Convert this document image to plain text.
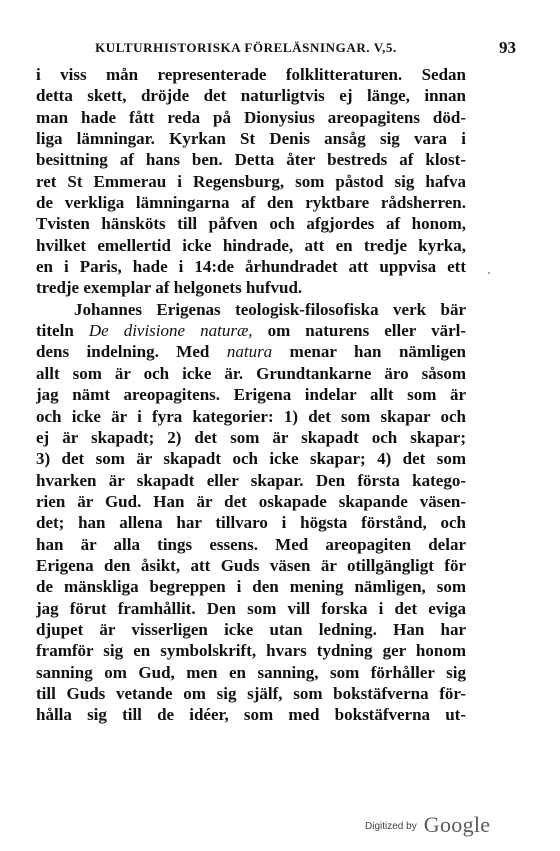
KULTURHISTORISKA FÖRELÄSNINGAR. V,5.	93
i viss mån representerade folklitteraturen. Sedan
detta skett, dröjde det naturligtvis ej länge, innan
man hade fått reda på Dionysius areopagitens död-
liga lämningar. Kyrkan St Denis ansåg sig vara i
besittning af hans ben. Detta åter bestreds af klost-
ret St Emmerau i Regensburg, som påstod sig hafva
de verkliga lämningarna af den ryktbare rådsherren.
Tvisten hänsköts till påfven och afgjordes af honom,
hvilket emellertid icke hindrade, att en tredje kyrka,
en i Paris, hade i 14:de århundradet att uppvisa ett
tredje exemplar af helgonets hufvud.
Johannes Erigenas teologisk-filosofiska verk bär
titeln De divisione naturæ, om naturens eller värl-
dens indelning. Med natura menar han nämligen
allt som är och icke är. Grundtankarne äro såsom
jag nämt areopagitens. Erigena indelar allt som är
och icke är i fyra kategorier: 1) det som skapar och
ej är skapadt; 2) det som är skapadt och skapar;
3) det som är skapadt och icke skapar; 4) det som
hvarken är skapadt eller skapar. Den första katego-
rien är Gud. Han är det oskapade skapande väsen-
det; han allena har tillvaro i högsta förstånd, och
han är alla tings essens. Med areopagiten delar
Erigena den åsikt, att Guds väsen är otillgängligt för
de mänskliga begreppen i den mening nämligen, som
jag förut framhållit. Den som vill forska i det eviga
djupet är visserligen icke utan ledning. Han har
framför sig en symbolskrift, hvars tydning ger honom
sanning om Gud, men en sanning, som förhåller sig
till Guds vetande om sig själf, som bokstäfverna för-
hålla sig till de idéer, som med bokstäfverna ut-
Digitized by Google
